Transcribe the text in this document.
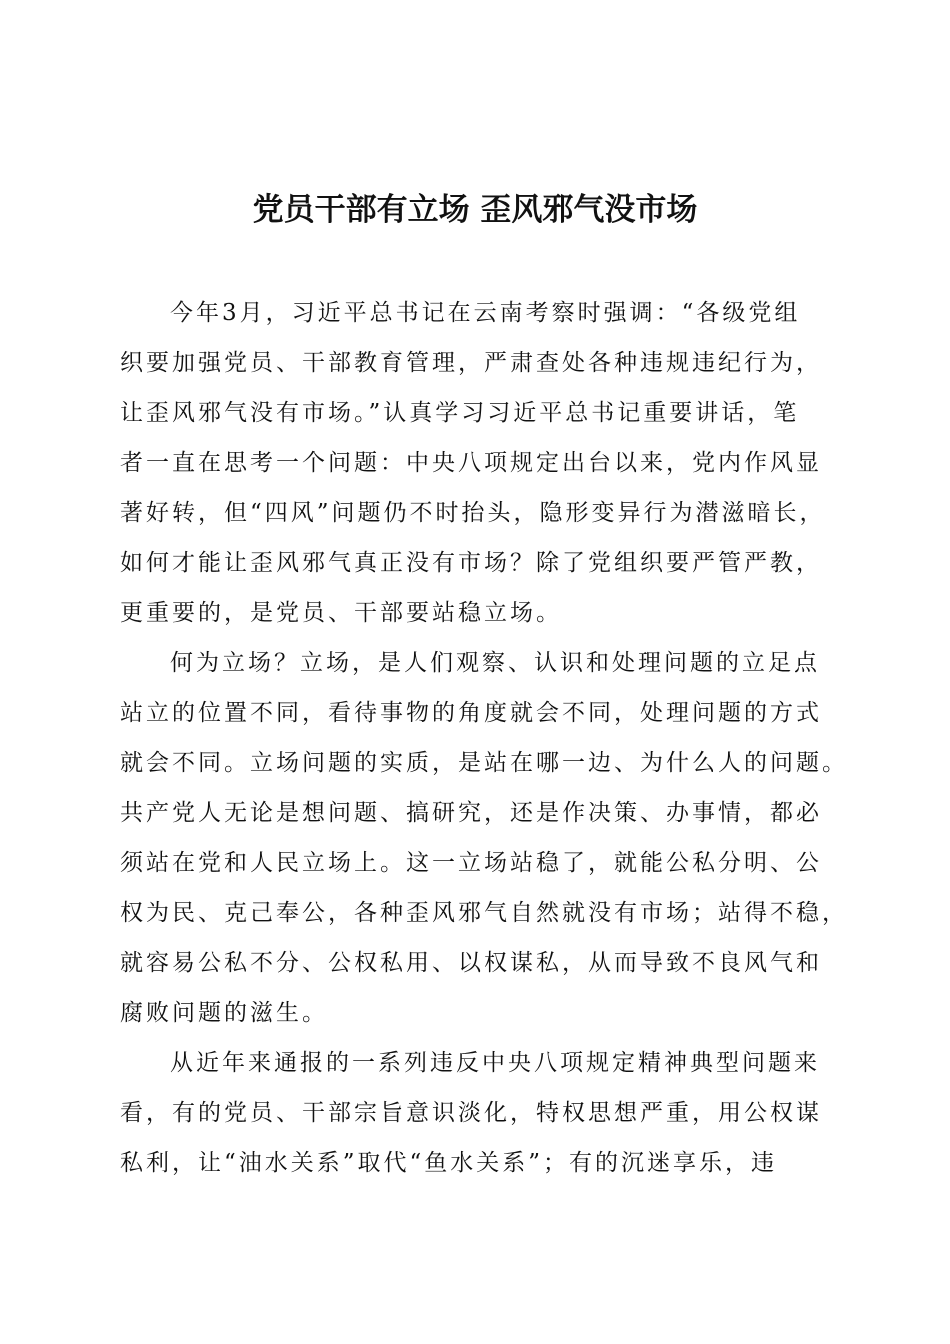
党员干部有立场 歪风邪气没市场
今年3月，习近平总书记在云南考察时强调：“各级党组
织要加强党员、干部教育管理，严肃查处各种违规违纪行为，
让歪风邪气没有市场。”认真学习习近平总书记重要讲话，笔
者一直在思考一个问题：中央八项规定出台以来，党内作风显
著好转，但“四风”问题仍不时抬头，隐形变异行为潜滋暗长，
如何才能让歪风邪气真正没有市场？除了党组织要严管严教，
更重要的，是党员、干部要站稳立场。
何为立场？立场，是人们观察、认识和处理问题的立足点
站立的位置不同，看待事物的角度就会不同，处理问题的方式
就会不同。立场问题的实质，是站在哪一边、为什么人的问题。
共产党人无论是想问题、搞研究，还是作决策、办事情，都必
须站在党和人民立场上。这一立场站稳了，就能公私分明、公
权为民、克己奉公，各种歪风邪气自然就没有市场；站得不稳，
就容易公私不分、公权私用、以权谋私，从而导致不良风气和
腐败问题的滋生。
从近年来通报的一系列违反中央八项规定精神典型问题来
看，有的党员、干部宗旨意识淡化，特权思想严重，用公权谋
私利，让“油水关系”取代“鱼水关系”；有的沉迷享乐，违
